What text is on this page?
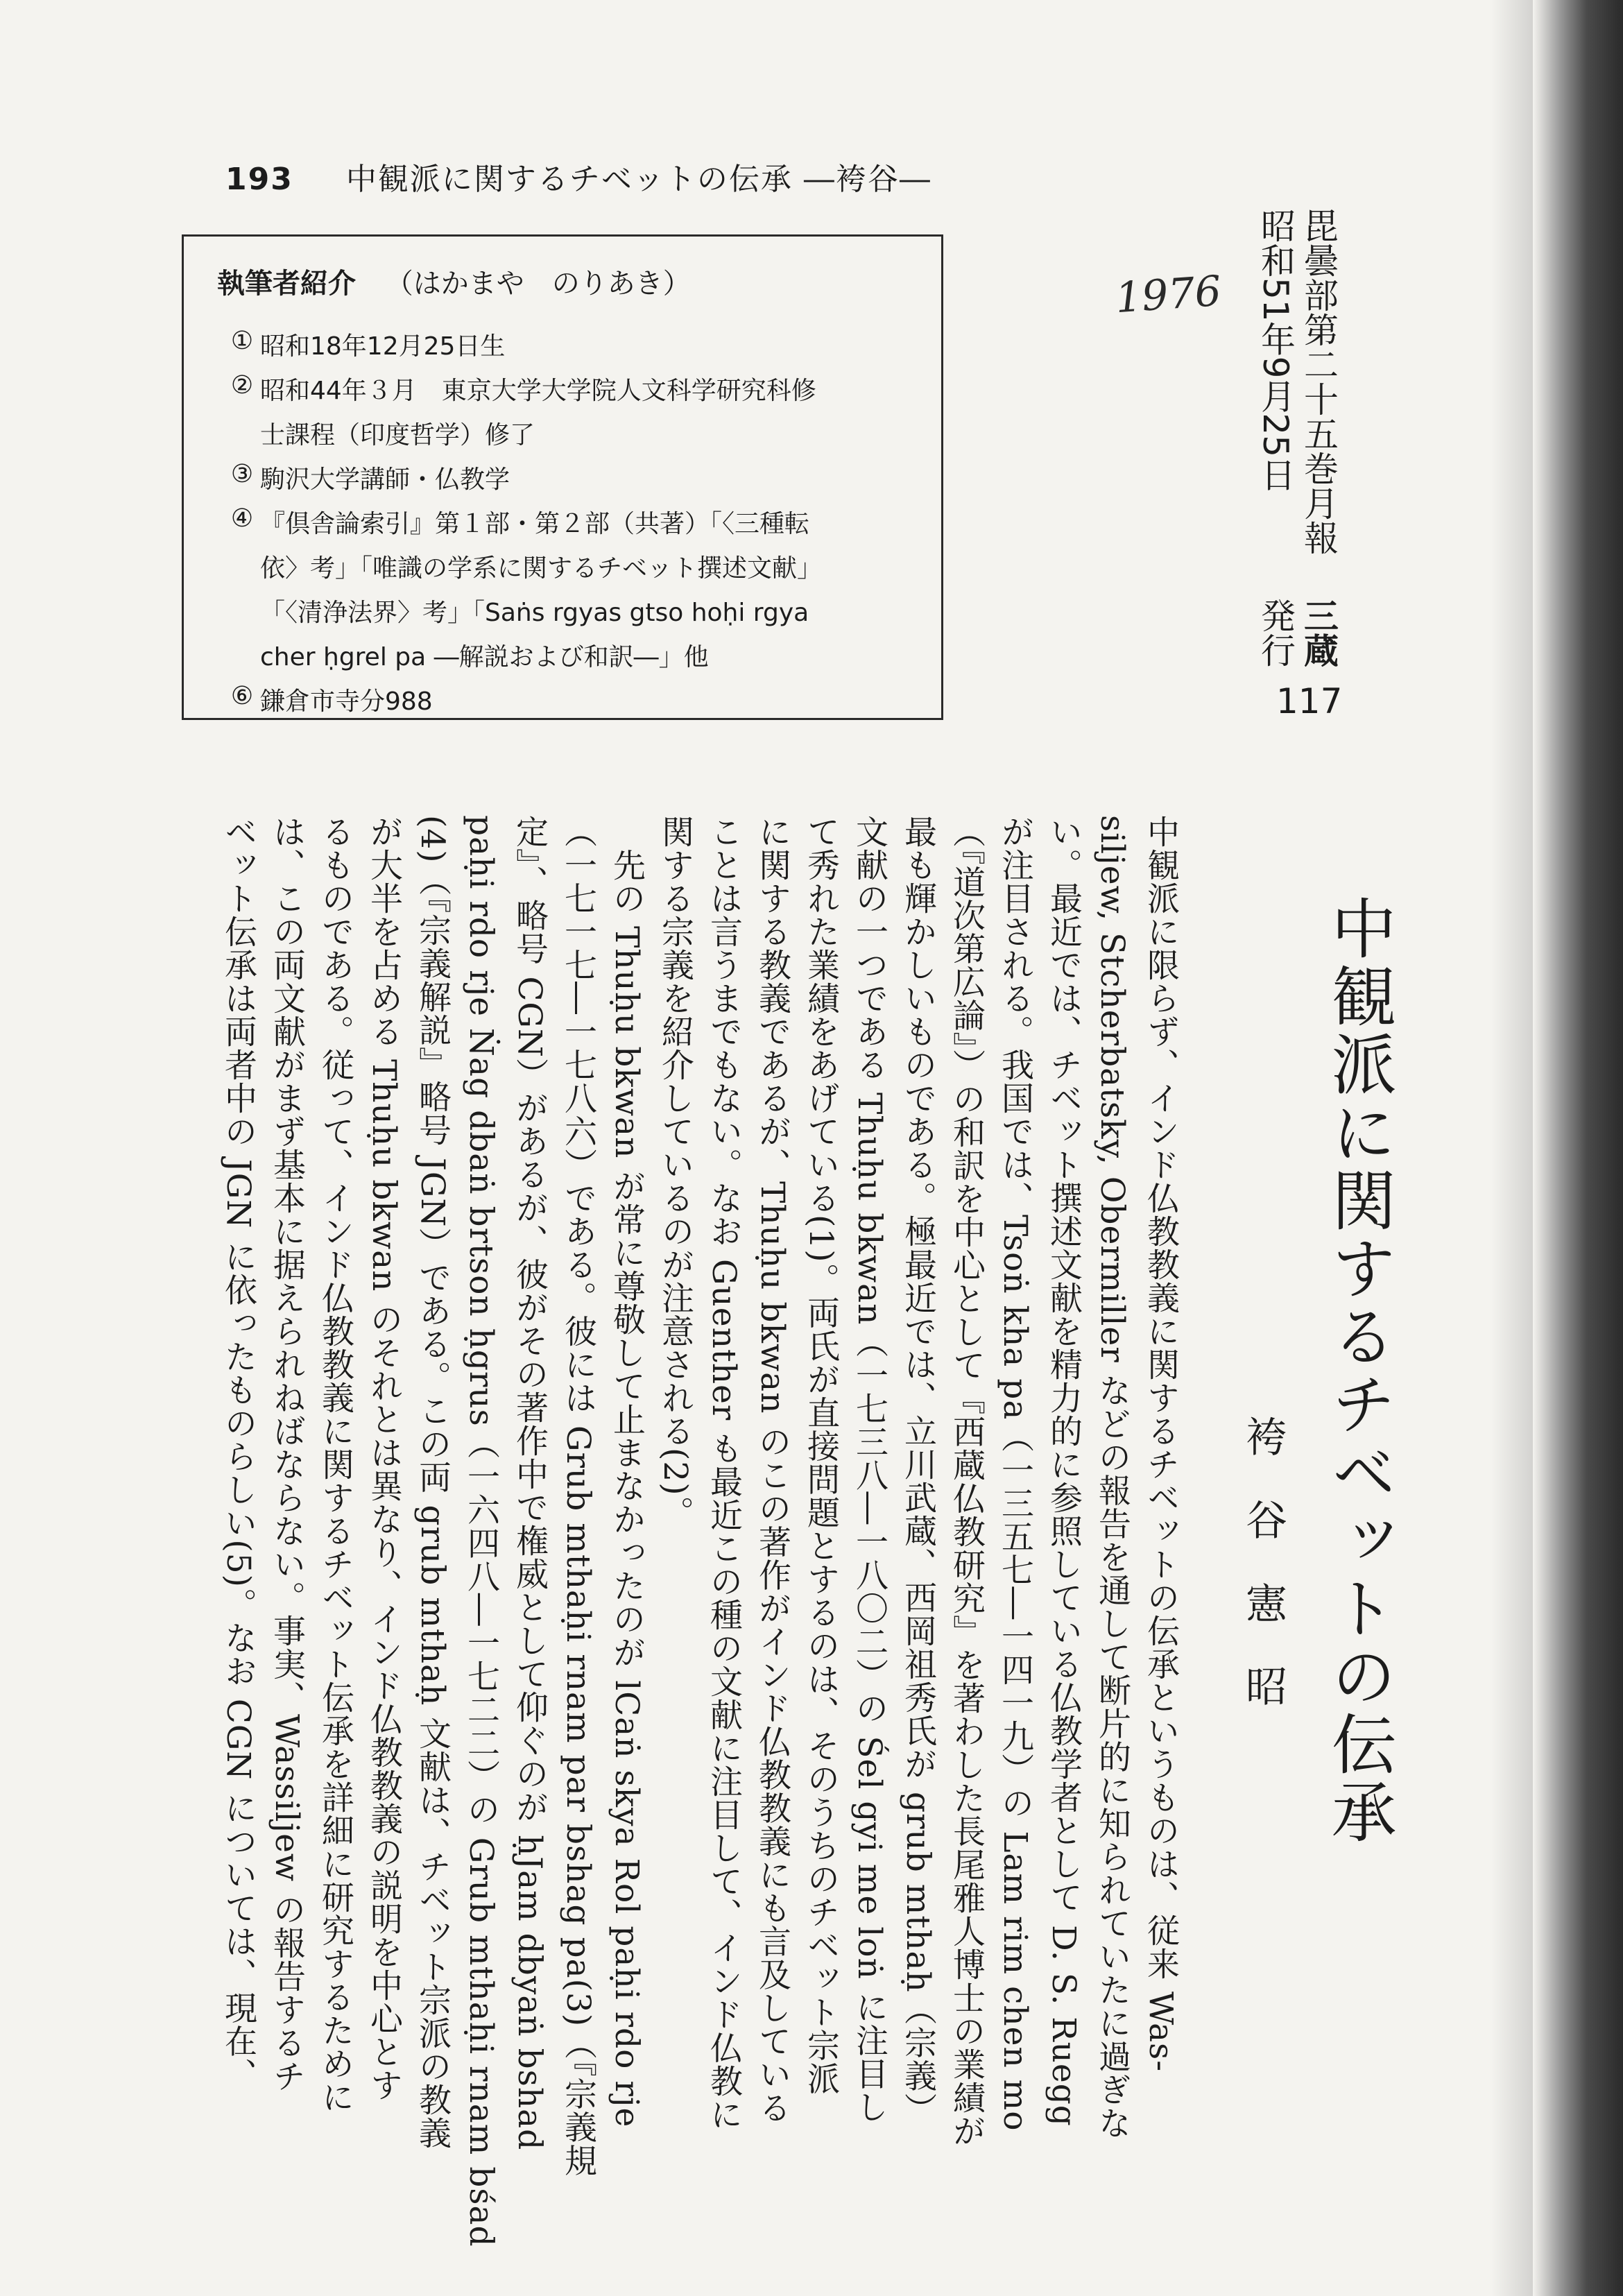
193 中観派に関するチベットの伝承 ―袴谷―
執筆者紹介 （はかまや　のりあき）
① 昭和18年12月25日生
② 昭和44年３月　東京大学大学院人文科学研究科修
士課程（印度哲学）修了
③ 駒沢大学講師・仏教学
④ 『倶舎論索引』第１部・第２部（共著）「〈三種転
依〉考」「唯識の学系に関するチベット撰述文献」
「〈清浄法界〉考」「Saṅs rgyas gtso hoḥi rgya
cher ḥgrel pa ―解説および和訳―」他
⑥ 鎌倉市寺分988
1976 昭和51年9月25日 毘曇部第二十五巻月報
発行 三蔵
117
中観派に関するチベットの伝承
袴　谷　憲　昭
中観派に限らず、インド仏教教義に関するチベットの伝承というものは、従来 Was-
siljew, Stcherbatsky, Obermiller などの報告を通して断片的に知られていたに過ぎな
い。最近では、チベット撰述文献を精力的に参照している仏教学者として D. S. Ruegg
が注目される。我国では、Tsoṅ kha pa（一三五七―一四一九）の Lam rim chen mo
（『道次第広論』）の和訳を中心として『西蔵仏教研究』を著わした長尾雅人博士の業績が
最も輝かしいものである。極最近では、立川武蔵、西岡祖秀氏が grub mthaḥ（宗義）
文献の一つである Thuḥu bkwan（一七三八―一八〇二）の Śel gyi me loṅ に注目し
て秀れた業績をあげている(1)。両氏が直接問題とするのは、そのうちのチベット宗派
に関する教義であるが、Thuḥu bkwan のこの著作がインド仏教教義にも言及している
ことは言うまでもない。なお Guenther も最近この種の文献に注目して、インド仏教に
関する宗義を紹介しているのが注意される(2)。
　先の Thuḥu bkwan が常に尊敬して止まなかったのが lCaṅ skya Rol paḥi rdo rje
（一七一七―一七八六）である。彼には Grub mthaḥi rnam par bshag pa(3)（『宗義規
定』、略号 CGN）があるが、彼がその著作中で権威として仰ぐのが ḥJam dbyaṅ bshad
paḥi rdo rje Ṅag dbaṅ brtson ḥgrus（一六四八―一七二二）の Grub mthaḥi rnam bśad
(4)（『宗義解説』略号 JGN）である。この両 grub mthaḥ 文献は、チベット宗派の教義
が大半を占める Thuḥu bkwan のそれとは異なり、インド仏教教義の説明を中心とす
るものである。従って、インド仏教教義に関するチベット伝承を詳細に研究するために
は、この両文献がまず基本に据えられねばならない。事実、Wassiljew の報告するチ
ベット伝承は両者中の JGN に依ったものらしい(5)。なお CGN については、現在、
